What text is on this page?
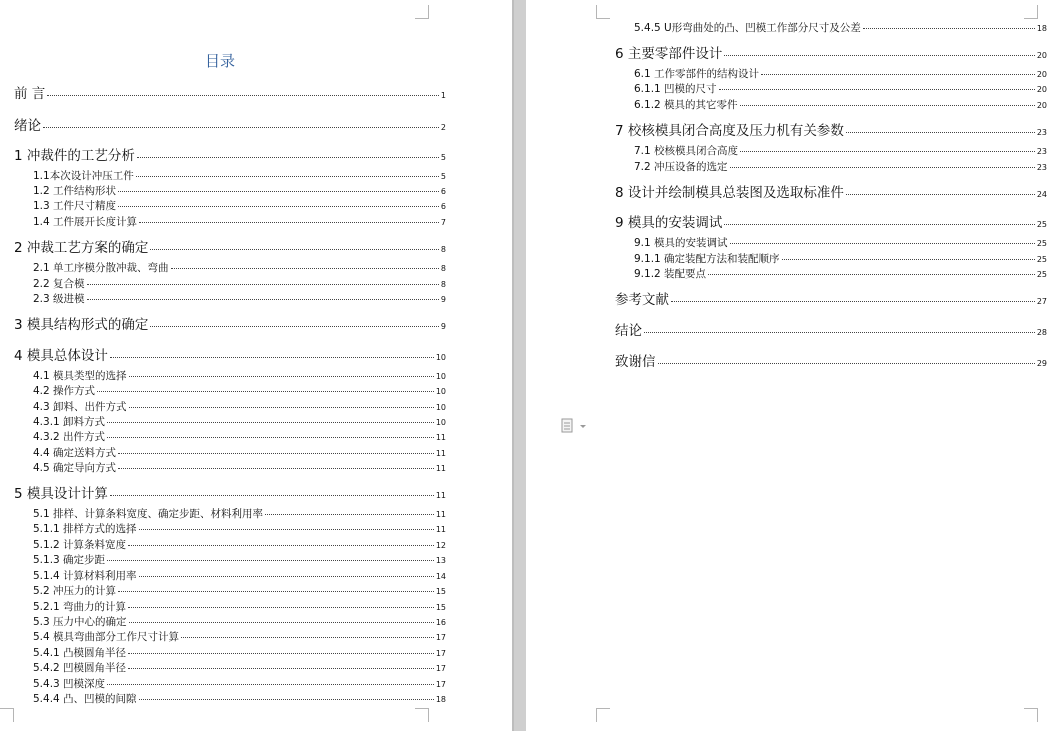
目录
前 言	1
绪论	2
1 冲裁件的工艺分析	5
1.1本次设计冲压工件	5
1.2 工件结构形状	6
1.3 工件尺寸精度	6
1.4 工件展开长度计算	7
2 冲裁工艺方案的确定	8
2.1 单工序模分散冲裁、弯曲	8
2.2 复合模	8
2.3 级进模	9
3 模具结构形式的确定	9
4 模具总体设计	10
4.1 模具类型的选择	10
4.2 操作方式	10
4.3 卸料、出件方式	10
4.3.1 卸料方式	10
4.3.2 出件方式	11
4.4 确定送料方式	11
4.5 确定导向方式	11
5 模具设计计算	11
5.1 排样、计算条料宽度、确定步距、材料利用率	11
5.1.1 排样方式的选择	11
5.1.2 计算条料宽度	12
5.1.3 确定步距	13
5.1.4 计算材料利用率	14
5.2 冲压力的计算	15
5.2.1 弯曲力的计算	15
5.3 压力中心的确定	16
5.4 模具弯曲部分工作尺寸计算	17
5.4.1 凸模圆角半径	17
5.4.2 凹模圆角半径	17
5.4.3 凹模深度	17
5.4.4 凸、凹模的间隙	18
5.4.5 U形弯曲处的凸、凹模工作部分尺寸及公差	18
6 主要零部件设计	20
6.1 工作零部件的结构设计	20
6.1.1 凹模的尺寸	20
6.1.2 模具的其它零件	20
7 校核模具闭合高度及压力机有关参数	23
7.1 校核模具闭合高度	23
7.2 冲压设备的选定	23
8 设计并绘制模具总装图及选取标准件	24
9 模具的安装调试	25
9.1 模具的安装调试	25
9.1.1 确定装配方法和装配顺序	25
9.1.2 装配要点	25
参考文献	27
结论	28
致谢信	29
